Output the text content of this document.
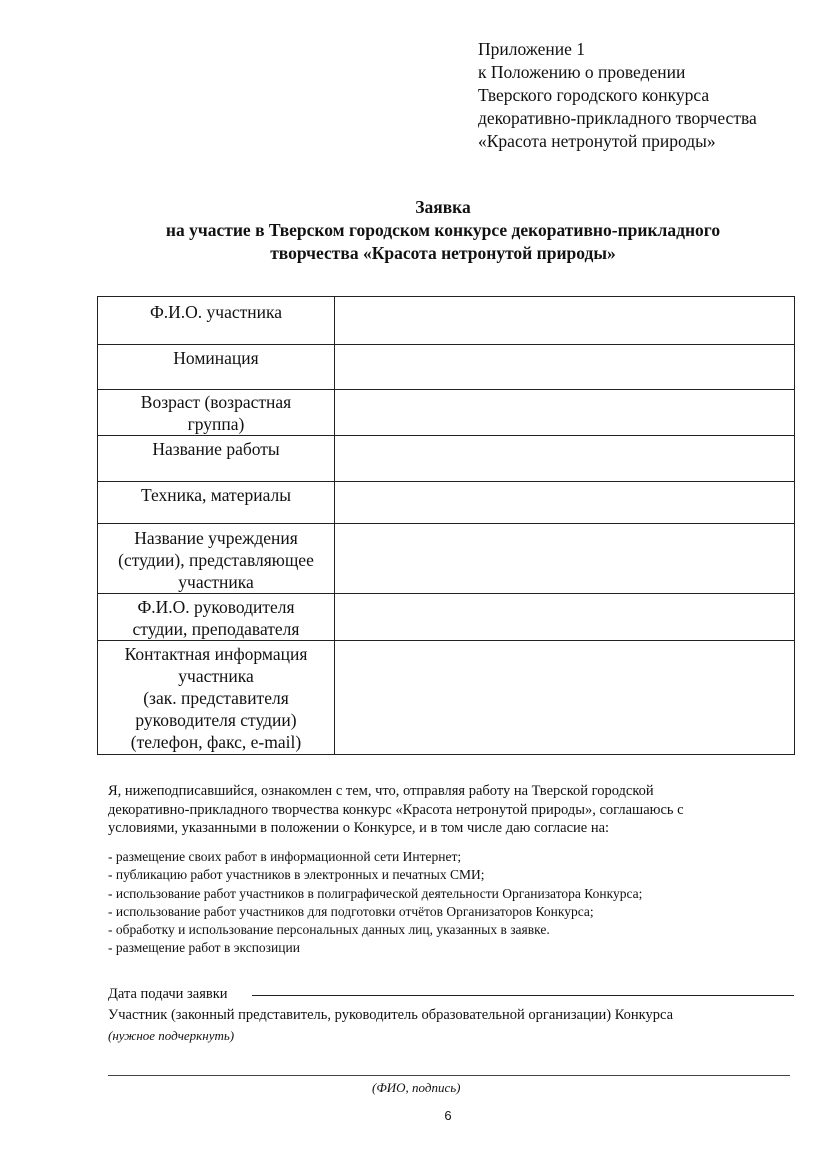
Приложение 1
к Положению о проведении
Тверского городского конкурса
декоративно-прикладного творчества
«Красота нетронутой природы»
Заявка
на участие в Тверском городском конкурсе декоративно-прикладного
творчества «Красота нетронутой природы»
Ф.И.О. участника	

Номинация	

Возраст (возрастная
группа)	

Название работы	

Техника, материалы	

Название учреждения
(студии), представляющее
участника	

Ф.И.О. руководителя
студии, преподавателя	

Контактная информация
участника
(зак. представителя
руководителя студии)
(телефон, факс, e-mail)	

Я, нижеподписавшийся, ознакомлен с тем, что, отправляя работу на Тверской городской
декоративно-прикладного творчества конкурс «Красота нетронутой природы», соглашаюсь с
условиями, указанными в положении о Конкурсе, и в том числе даю согласие на:
- размещение своих работ в информационной сети Интернет;
- публикацию работ участников в электронных и печатных СМИ;
- использование работ участников в полиграфической деятельности Организатора Конкурса;
- использование работ участников для подготовки отчётов Организаторов Конкурса;
- обработку и использование персональных данных лиц, указанных в заявке.
- размещение работ в экспозиции
Дата подачи заявки
Участник (законный представитель, руководитель образовательной организации) Конкурса
(нужное подчеркнуть)
(ФИО, подпись)
6
